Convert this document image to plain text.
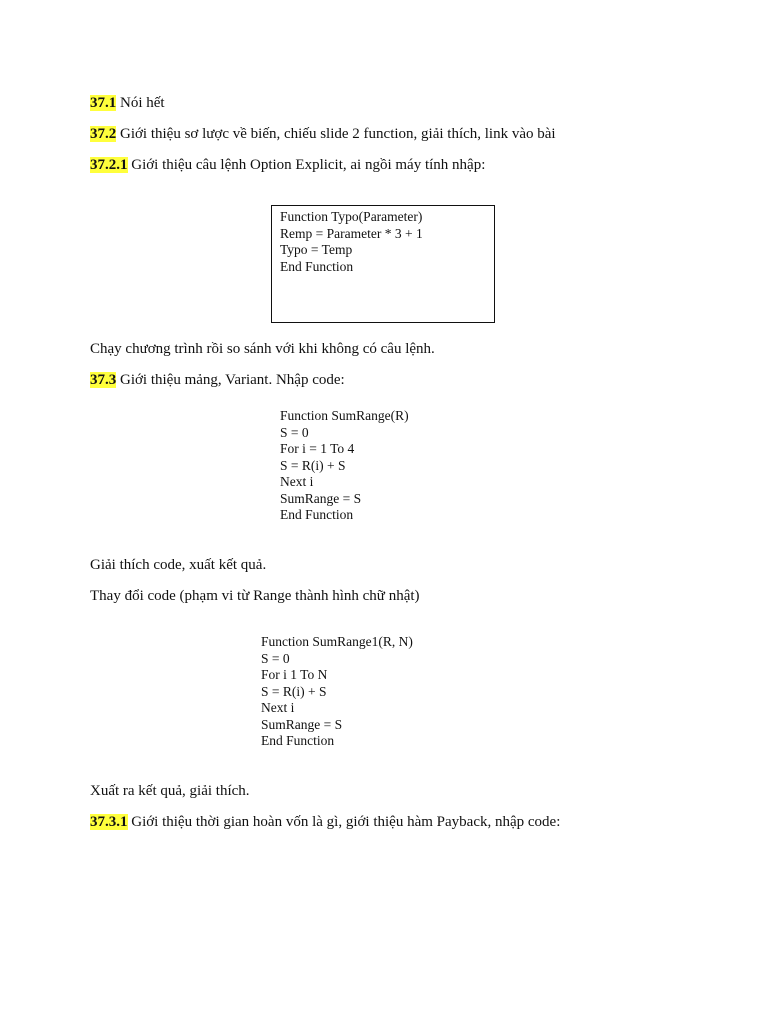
37.1 Nói hết
37.2 Giới thiệu sơ lược về biến, chiếu slide 2 function, giải thích, link vào bài
37.2.1 Giới thiệu câu lệnh Option Explicit, ai ngồi máy tính nhập:
Function Typo(Parameter)
Remp = Parameter * 3 + 1
Typo = Temp
End Function
Chạy chương trình rồi so sánh với khi không có câu lệnh.
37.3 Giới thiệu mảng, Variant. Nhập code:
Function SumRange(R)
S = 0
For i = 1 To 4
S = R(i) + S
Next i
SumRange = S
End Function
Giải thích code, xuất kết quả.
Thay đổi code (phạm vi từ Range thành hình chữ nhật)
Function SumRange1(R, N)
S = 0
For i 1 To N
S = R(i) + S
Next i
SumRange = S
End Function
Xuất ra kết quả, giải thích.
37.3.1 Giới thiệu thời gian hoàn vốn là gì, giới thiệu hàm Payback, nhập code:
